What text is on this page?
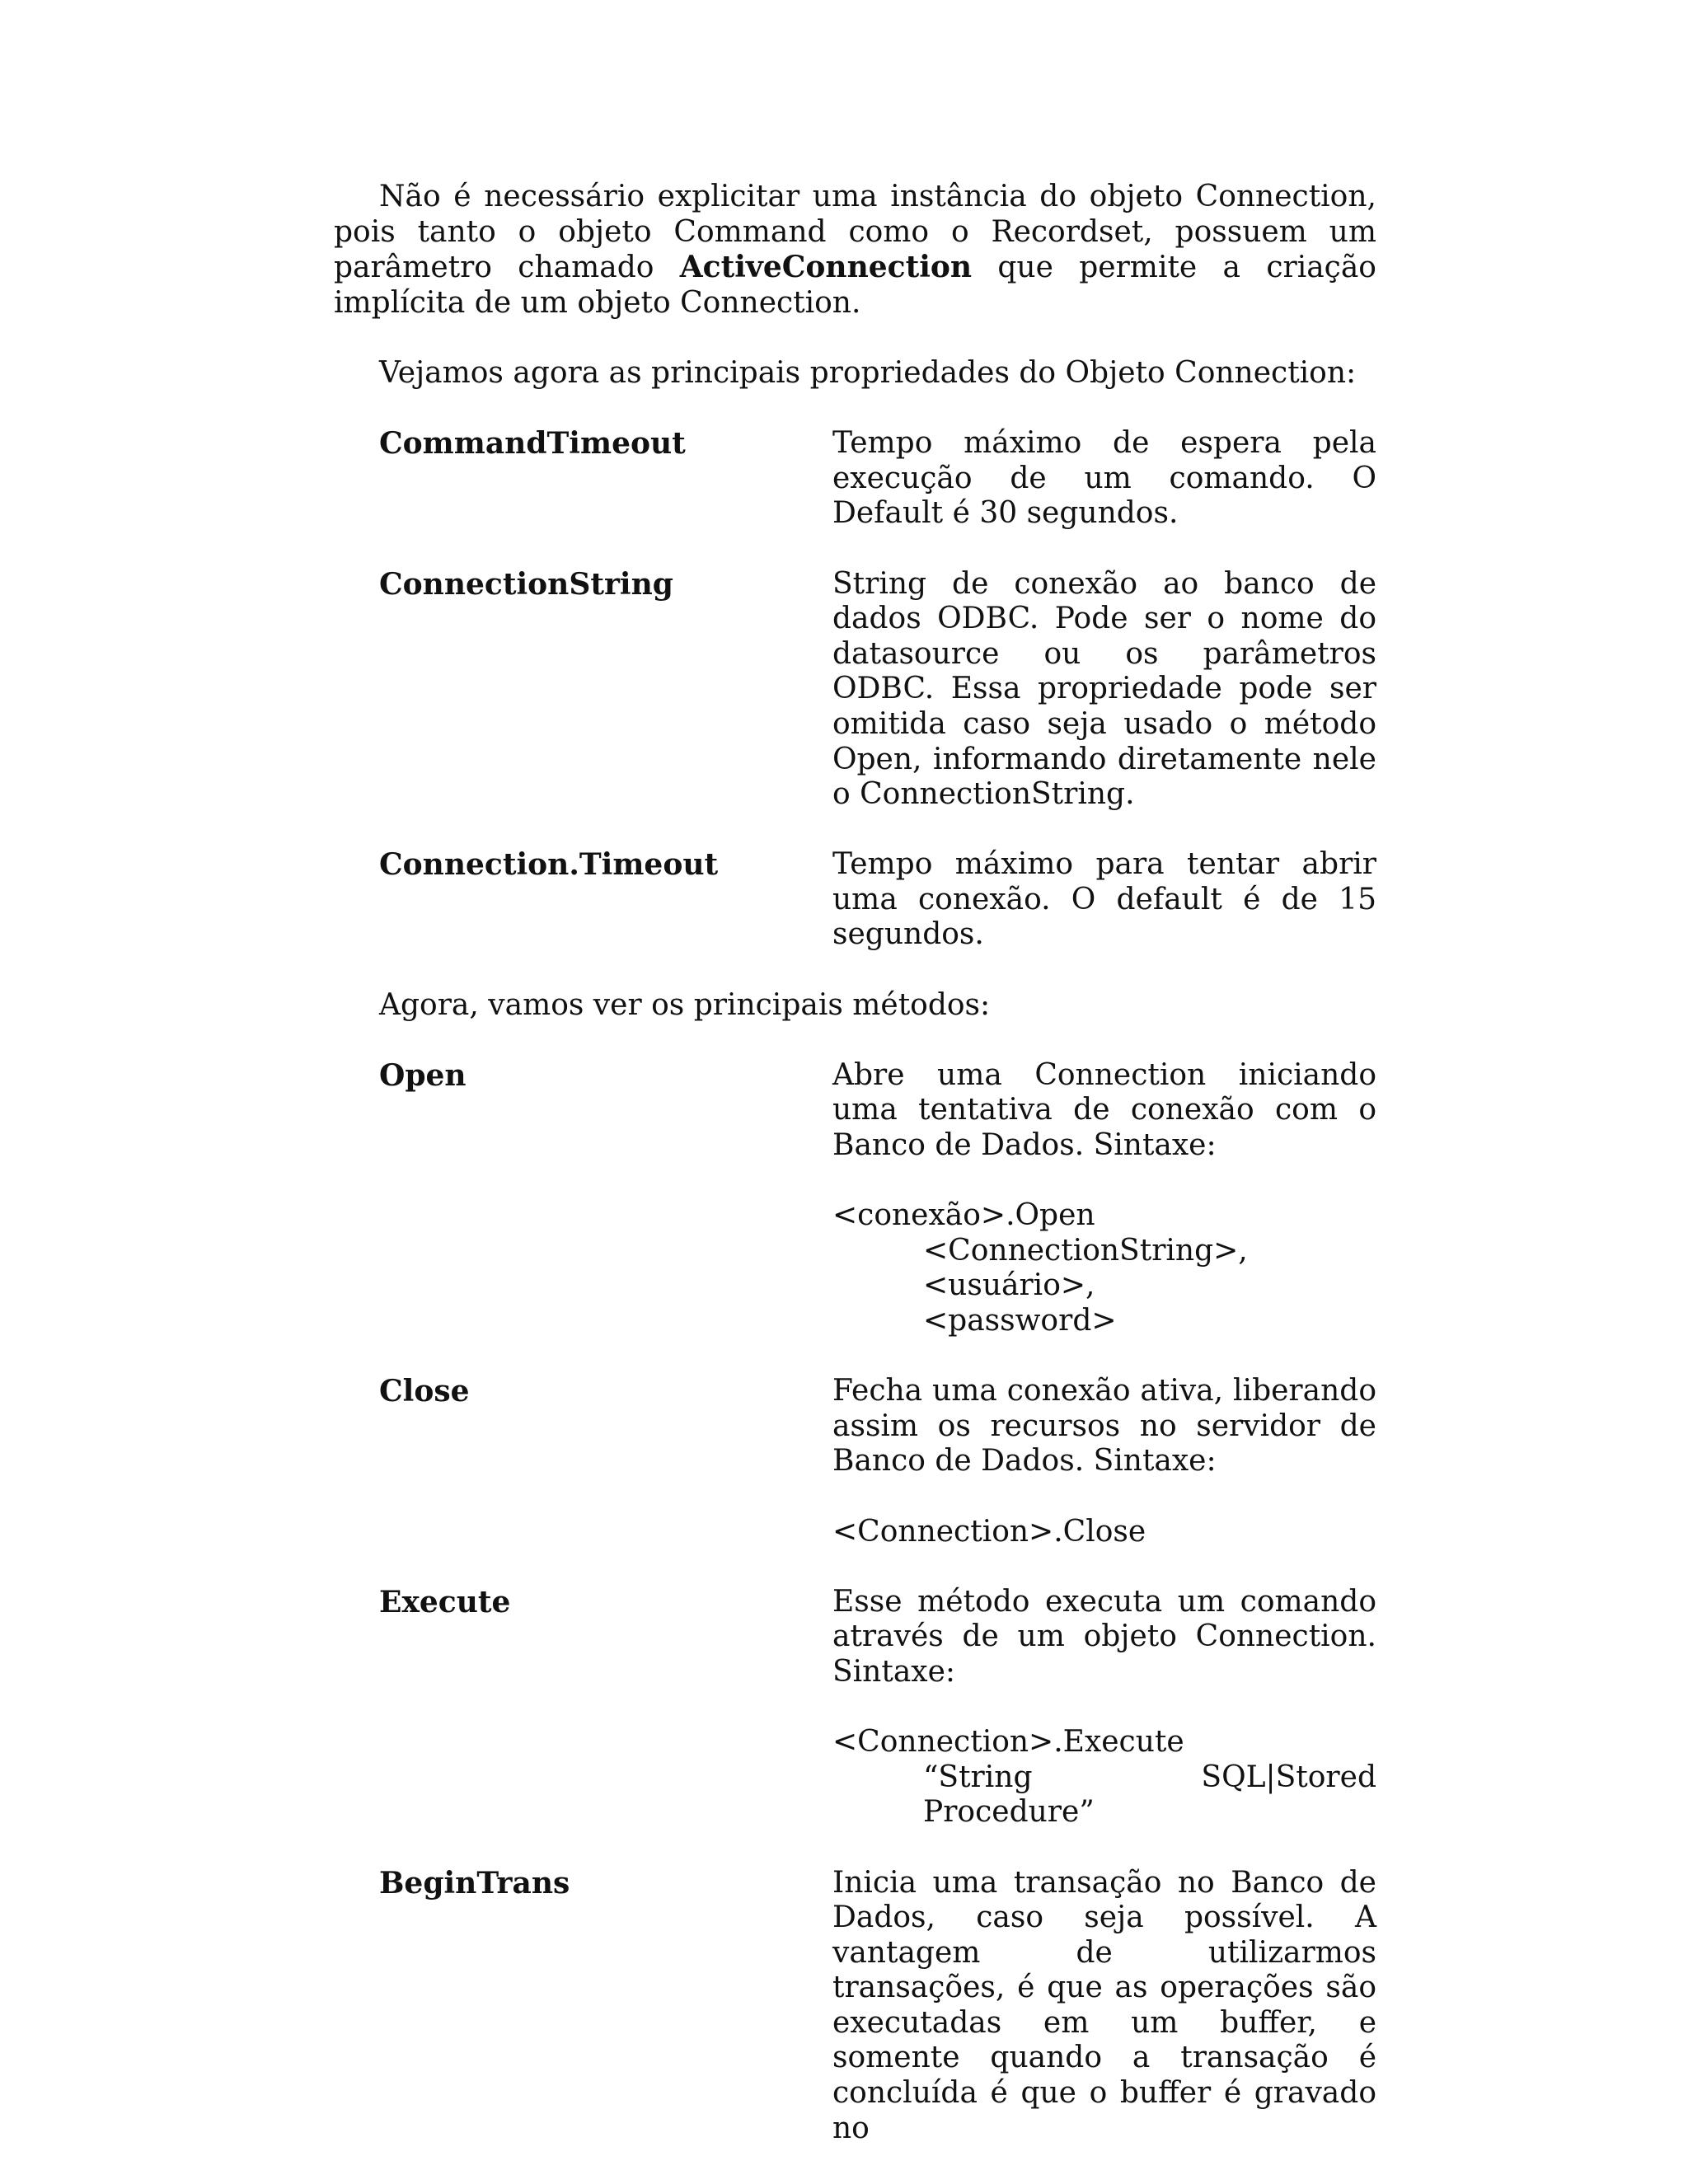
Não é necessário explicitar uma instância do objeto Connection, pois tanto o objeto Command como o Recordset, possuem um parâmetro chamado ActiveConnection que permite a criação implícita de um objeto Connection.

Vejamos agora as principais propriedades do Objeto Connection:

CommandTimeout	Tempo máximo de espera pela execução de um comando. O Default é 30 segundos.
ConnectionString	String de conexão ao banco de dados ODBC. Pode ser o nome do datasource ou os parâmetros ODBC. Essa propriedade pode ser omitida caso seja usado o método Open, informando diretamente nele o ConnectionString.
Connection.Timeout	Tempo máximo para tentar abrir uma conexão. O default é de 15 segundos.

Agora, vamos ver os principais métodos:

Open	Abre uma Connection iniciando uma tentativa de conexão com o Banco de Dados. Sintaxe:
<conexão>.Open
<ConnectionString>,
<usuário>,
<password>
Close	Fecha uma conexão ativa, liberando assim os recursos no servidor de Banco de Dados. Sintaxe:
<Connection>.Close
Execute	Esse método executa um comando através de um objeto Connection. Sintaxe:
<Connection>.Execute
“String SQL|Stored Procedure”
BeginTrans	Inicia uma transação no Banco de Dados, caso seja possível. A vantagem de utilizarmos transações, é que as operações são executadas em um buffer, e somente quando a transação é concluída é que o buffer é gravado no
